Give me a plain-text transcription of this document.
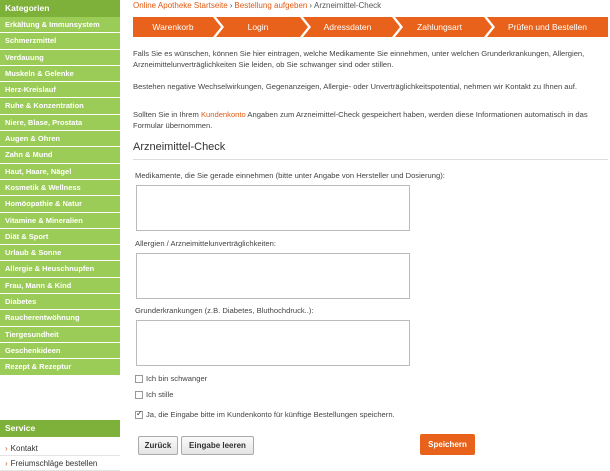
Kategorien
Erkältung & Immunsystem
Schmerzmittel
Verdauung
Muskeln & Gelenke
Herz-Kreislauf
Ruhe & Konzentration
Niere, Blase, Prostata
Augen & Ohren
Zahn & Mund
Haut, Haare, Nägel
Kosmetik & Wellness
Homöopathie & Natur
Vitamine & Mineralien
Diät & Sport
Urlaub & Sonne
Allergie & Heuschnupfen
Frau, Mann & Kind
Diabetes
Raucherentwöhnung
Tiergesundheit
Geschenkideen
Rezept & Rezeptur
Service
› Kontakt
› Freiumschläge bestellen
Online Apotheke Startseite › Bestellung aufgeben › Arzneimittel-Check
Warenkorb	Login	Adressdaten	Zahlungsart	Prüfen und Bestellen

Falls Sie es wünschen, können Sie hier eintragen, welche Medikamente Sie einnehmen, unter welchen Grunderkrankungen, Allergien, Arzneimittelunverträglichkeiten Sie leiden, ob Sie schwanger sind oder stillen.

Bestehen negative Wechselwirkungen, Gegenanzeigen, Allergie- oder Unverträglichkeitspotential, nehmen wir Kontakt zu Ihnen auf.

Sollten Sie in Ihrem Kundenkonto Angaben zum Arzneimittel-Check gespeichert haben, werden diese Informationen automatisch in das Formular übernommen.

Arzneimittel-Check
Medikamente, die Sie gerade einnehmen (bitte unter Angabe von Hersteller und Dosierung):
Allergien / Arzneimittelunverträglichkeiten:
Grunderkrankungen (z.B. Diabetes, Bluthochdruck..):
Ich bin schwanger
Ich stille
✓
Ja, die Eingabe bitte im Kundenkonto für künftige Bestellungen speichern.
Zurück	Eingabe leeren	Speichern
